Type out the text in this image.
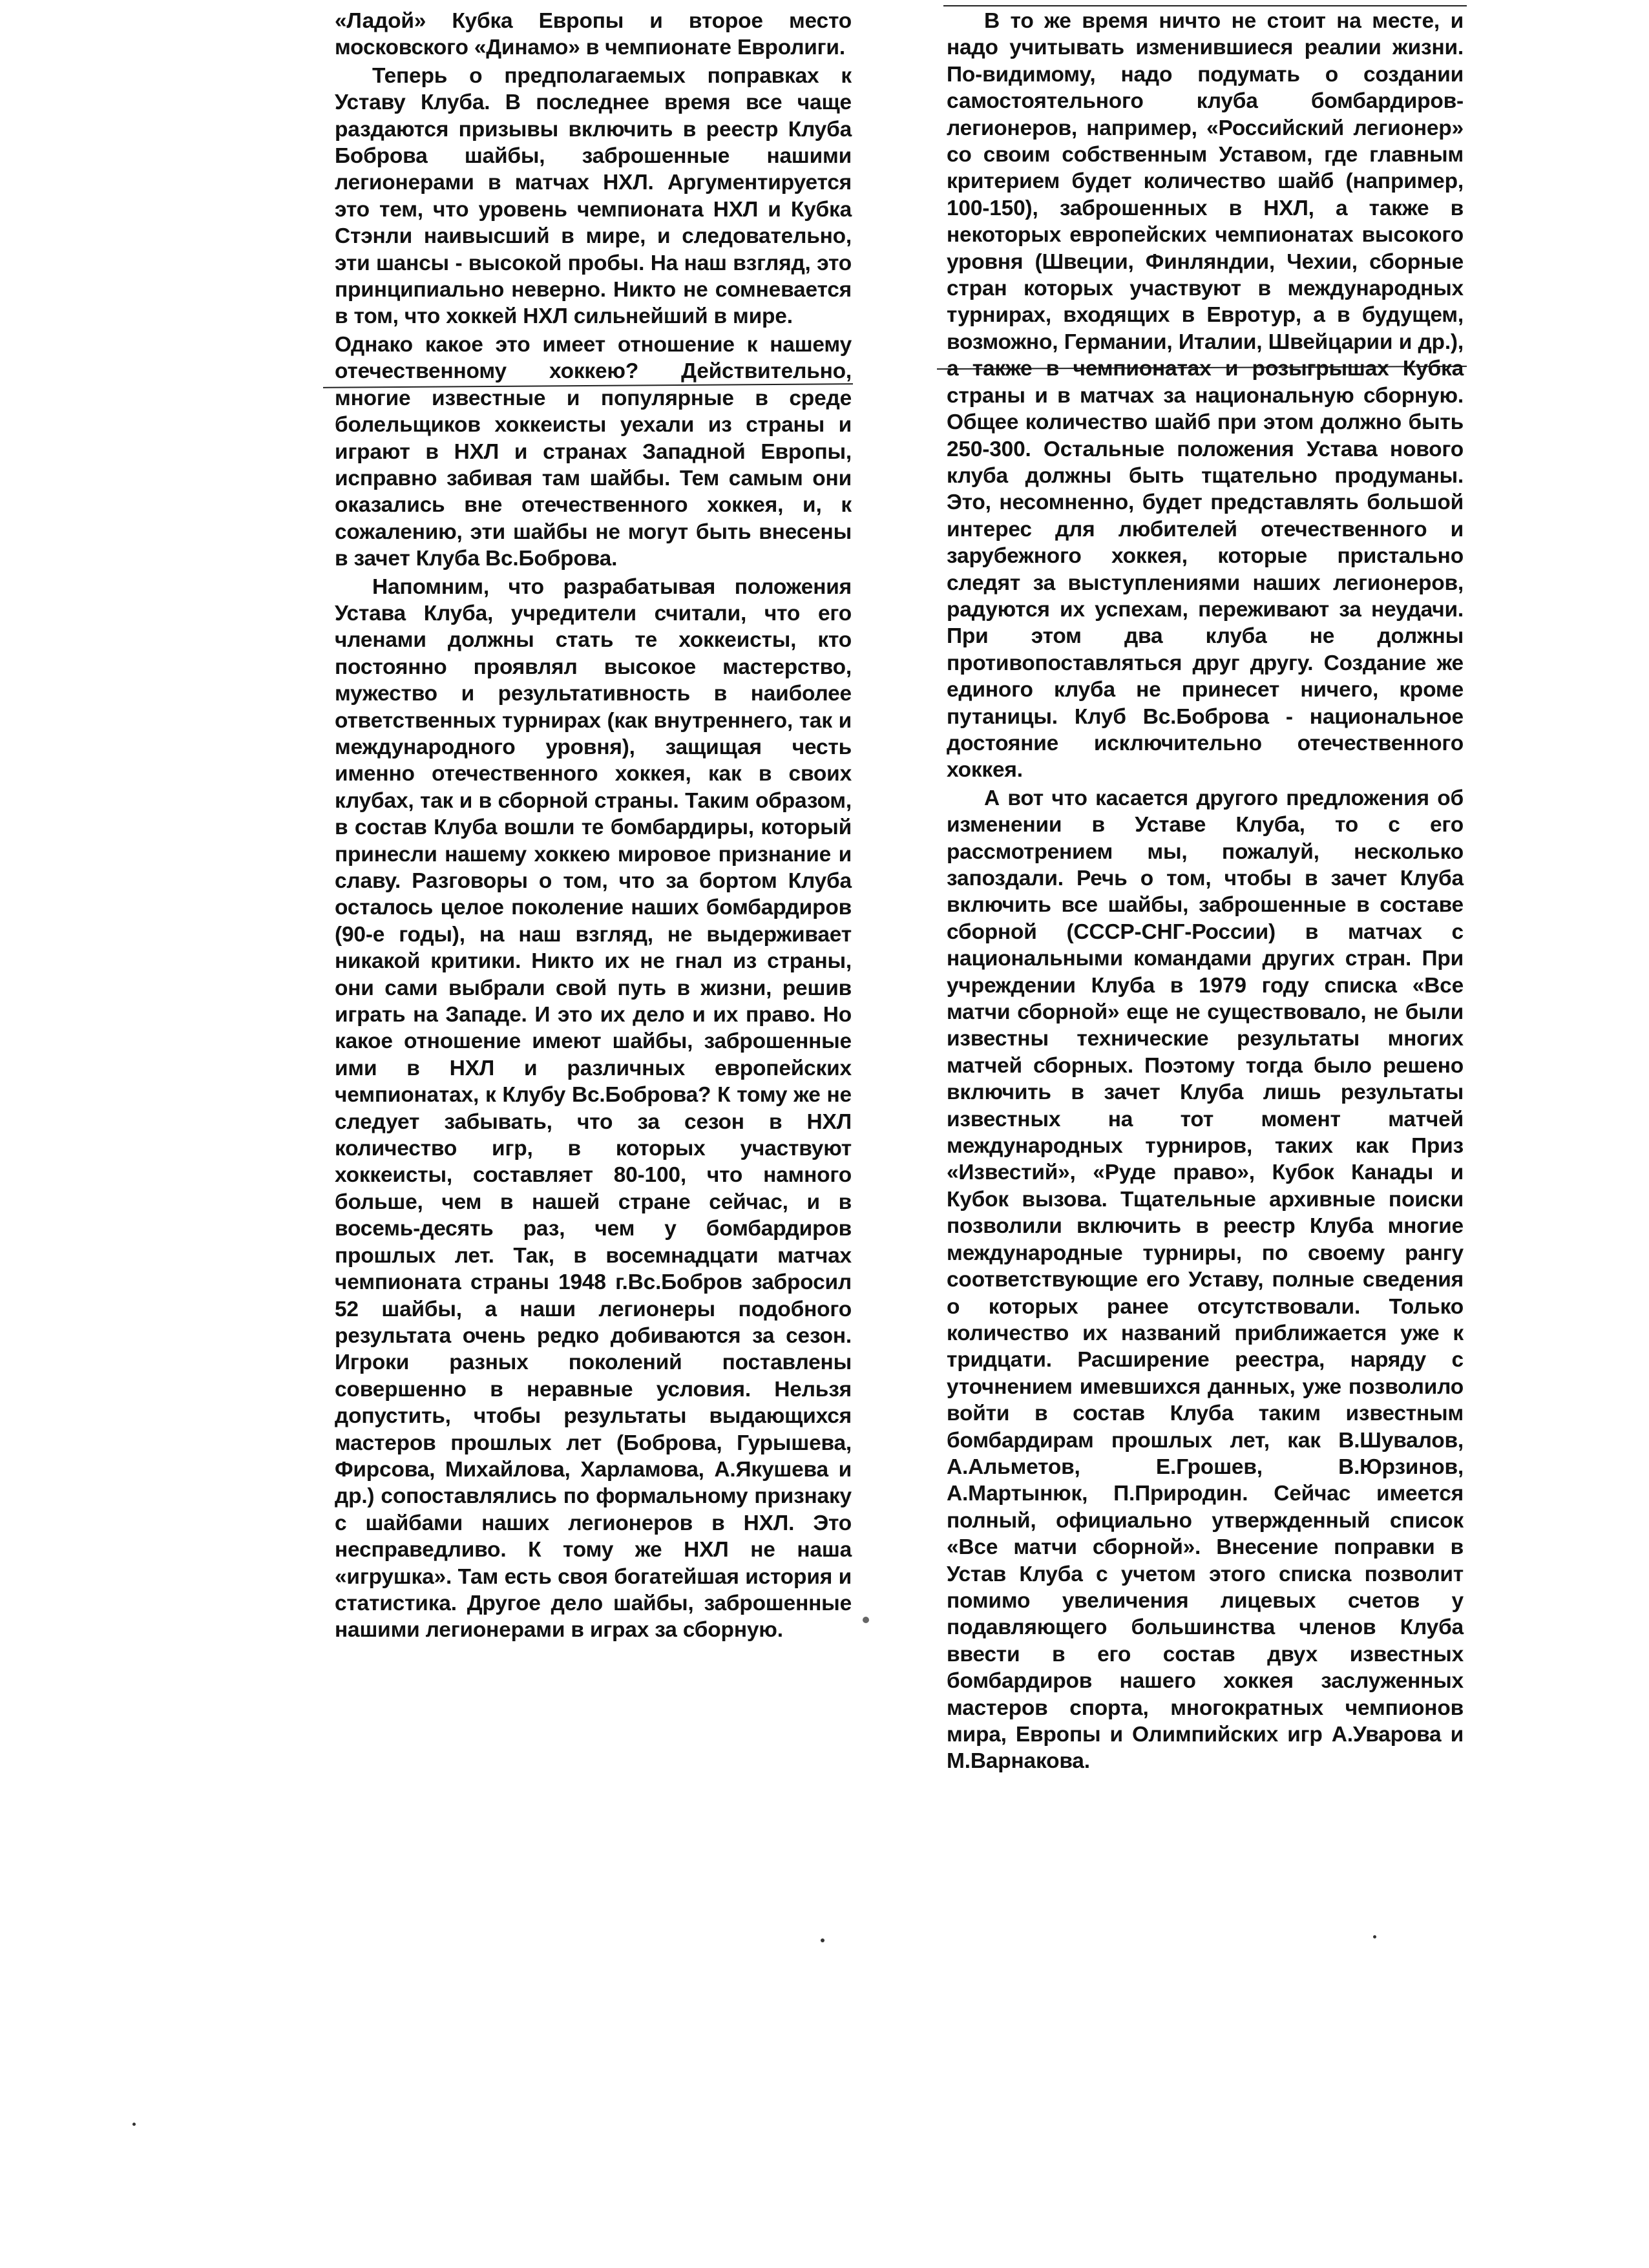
«Ладой» Кубка Европы и второе место московского «Динамо» в чемпионате Евролиги.

Теперь о предполагаемых поправках к Уставу Клуба. В последнее время все чаще раздаются призывы включить в реестр Клуба Боброва шайбы, заброшенные нашими легионерами в матчах НХЛ. Аргументируется это тем, что уровень чемпионата НХЛ и Кубка Стэнли наивысший в мире, и следовательно, эти шансы - высокой пробы. На наш взгляд, это принципиально неверно. Никто не сомневается в том, что хоккей НХЛ сильнейший в мире.

Однако какое это имеет отношение к нашему отечественному хоккею? Действительно, многие известные и популярные в среде болельщиков хоккеисты уехали из страны и играют в НХЛ и странах Западной Европы, исправно забивая там шайбы. Тем самым они оказались вне отечественного хоккея, и, к сожалению, эти шайбы не могут быть внесены в зачет Клуба Вс.Боброва.

Напомним, что разрабатывая положения Устава Клуба, учредители считали, что его членами должны стать те хоккеисты, кто постоянно проявлял высокое мастерство, мужество и результативность в наиболее ответственных турнирах (как внутреннего, так и международного уровня), защищая честь именно отечественного хоккея, как в своих клубах, так и в сборной страны. Таким образом, в состав Клуба вошли те бомбардиры, который принесли нашему хоккею мировое признание и славу. Разговоры о том, что за бортом Клуба осталось целое поколение наших бомбардиров (90-е годы), на наш взгляд, не выдерживает никакой критики. Никто их не гнал из страны, они сами выбрали свой путь в жизни, решив играть на Западе. И это их дело и их право. Но какое отношение имеют шайбы, заброшенные ими в НХЛ и различных европейских чемпионатах, к Клубу Вс.Боброва? К тому же не следует забывать, что за сезон в НХЛ количество игр, в которых участвуют хоккеисты, составляет 80-100, что намного больше, чем в нашей стране сейчас, и в восемь-десять раз, чем у бомбардиров прошлых лет. Так, в восемнадцати матчах чемпионата страны 1948 г.Вс.Бобров забросил 52 шайбы, а наши легионеры подобного результата очень редко добиваются за сезон. Игроки разных поколений поставлены совершенно в неравные условия. Нельзя допустить, чтобы результаты выдающихся мастеров прошлых лет (Боброва, Гурышева, Фирсова, Михайлова, Харламова, А.Якушева и др.) сопоставлялись по формальному признаку с шайбами наших легионеров в НХЛ. Это несправедливо. К тому же НХЛ не наша «игрушка». Там есть своя богатейшая история и статистика. Другое дело шайбы, заброшенные нашими легионерами в играх за сборную.

В то же время ничто не стоит на месте, и надо учитывать изменившиеся реалии жизни. По-видимому, надо подумать о создании самостоятельного клуба бомбардиров-легионеров, например, «Российский легионер» со своим собственным Уставом, где главным критерием будет количество шайб (например, 100-150), заброшенных в НХЛ, а также в некоторых европейских чемпионатах высокого уровня (Швеции, Финляндии, Чехии, сборные стран которых участвуют в международных турнирах, входящих в Евротур, а в будущем, возможно, Германии, Италии, Швейцарии и др.), а также в чемпионатах и розыгрышах Кубка страны и в матчах за национальную сборную. Общее количество шайб при этом должно быть 250-300. Остальные положения Устава нового клуба должны быть тщательно продуманы. Это, несомненно, будет представлять большой интерес для любителей отечественного и зарубежного хоккея, которые пристально следят за выступлениями наших легионеров, радуются их успехам, переживают за неудачи. При этом два клуба не должны противопоставляться друг другу. Создание же единого клуба не принесет ничего, кроме путаницы. Клуб Вс.Боброва - национальное достояние исключительно отечественного хоккея.

А вот что касается другого предложения об изменении в Уставе Клуба, то с его рассмотрением мы, пожалуй, несколько запоздали. Речь о том, чтобы в зачет Клуба включить все шайбы, заброшенные в составе сборной (СССР-СНГ-России) в матчах с национальными командами других стран. При учреждении Клуба в 1979 году списка «Все матчи сборной» еще не существовало, не были известны технические результаты многих матчей сборных. Поэтому тогда было решено включить в зачет Клуба лишь результаты известных на тот момент матчей международных турниров, таких как Приз «Известий», «Руде право», Кубок Канады и Кубок вызова. Тщательные архивные поиски позволили включить в реестр Клуба многие международные турниры, по своему рангу соответствующие его Уставу, полные сведения о которых ранее отсутствовали. Только количество их названий приближается уже к тридцати. Расширение реестра, наряду с уточнением имевшихся данных, уже позволило войти в состав Клуба таким известным бомбардирам прошлых лет, как В.Шувалов, А.Альметов, Е.Грошев, В.Юрзинов, А.Мартынюк, П.Природин. Сейчас имеется полный, официально утвержденный список «Все матчи сборной». Внесение поправки в Устав Клуба с учетом этого списка позволит помимо увеличения лицевых счетов у подавляющего большинства членов Клуба ввести в его состав двух известных бомбардиров нашего хоккея заслуженных мастеров спорта, многократных чемпионов мира, Европы и Олимпийских игр А.Уварова и М.Варнакова.
